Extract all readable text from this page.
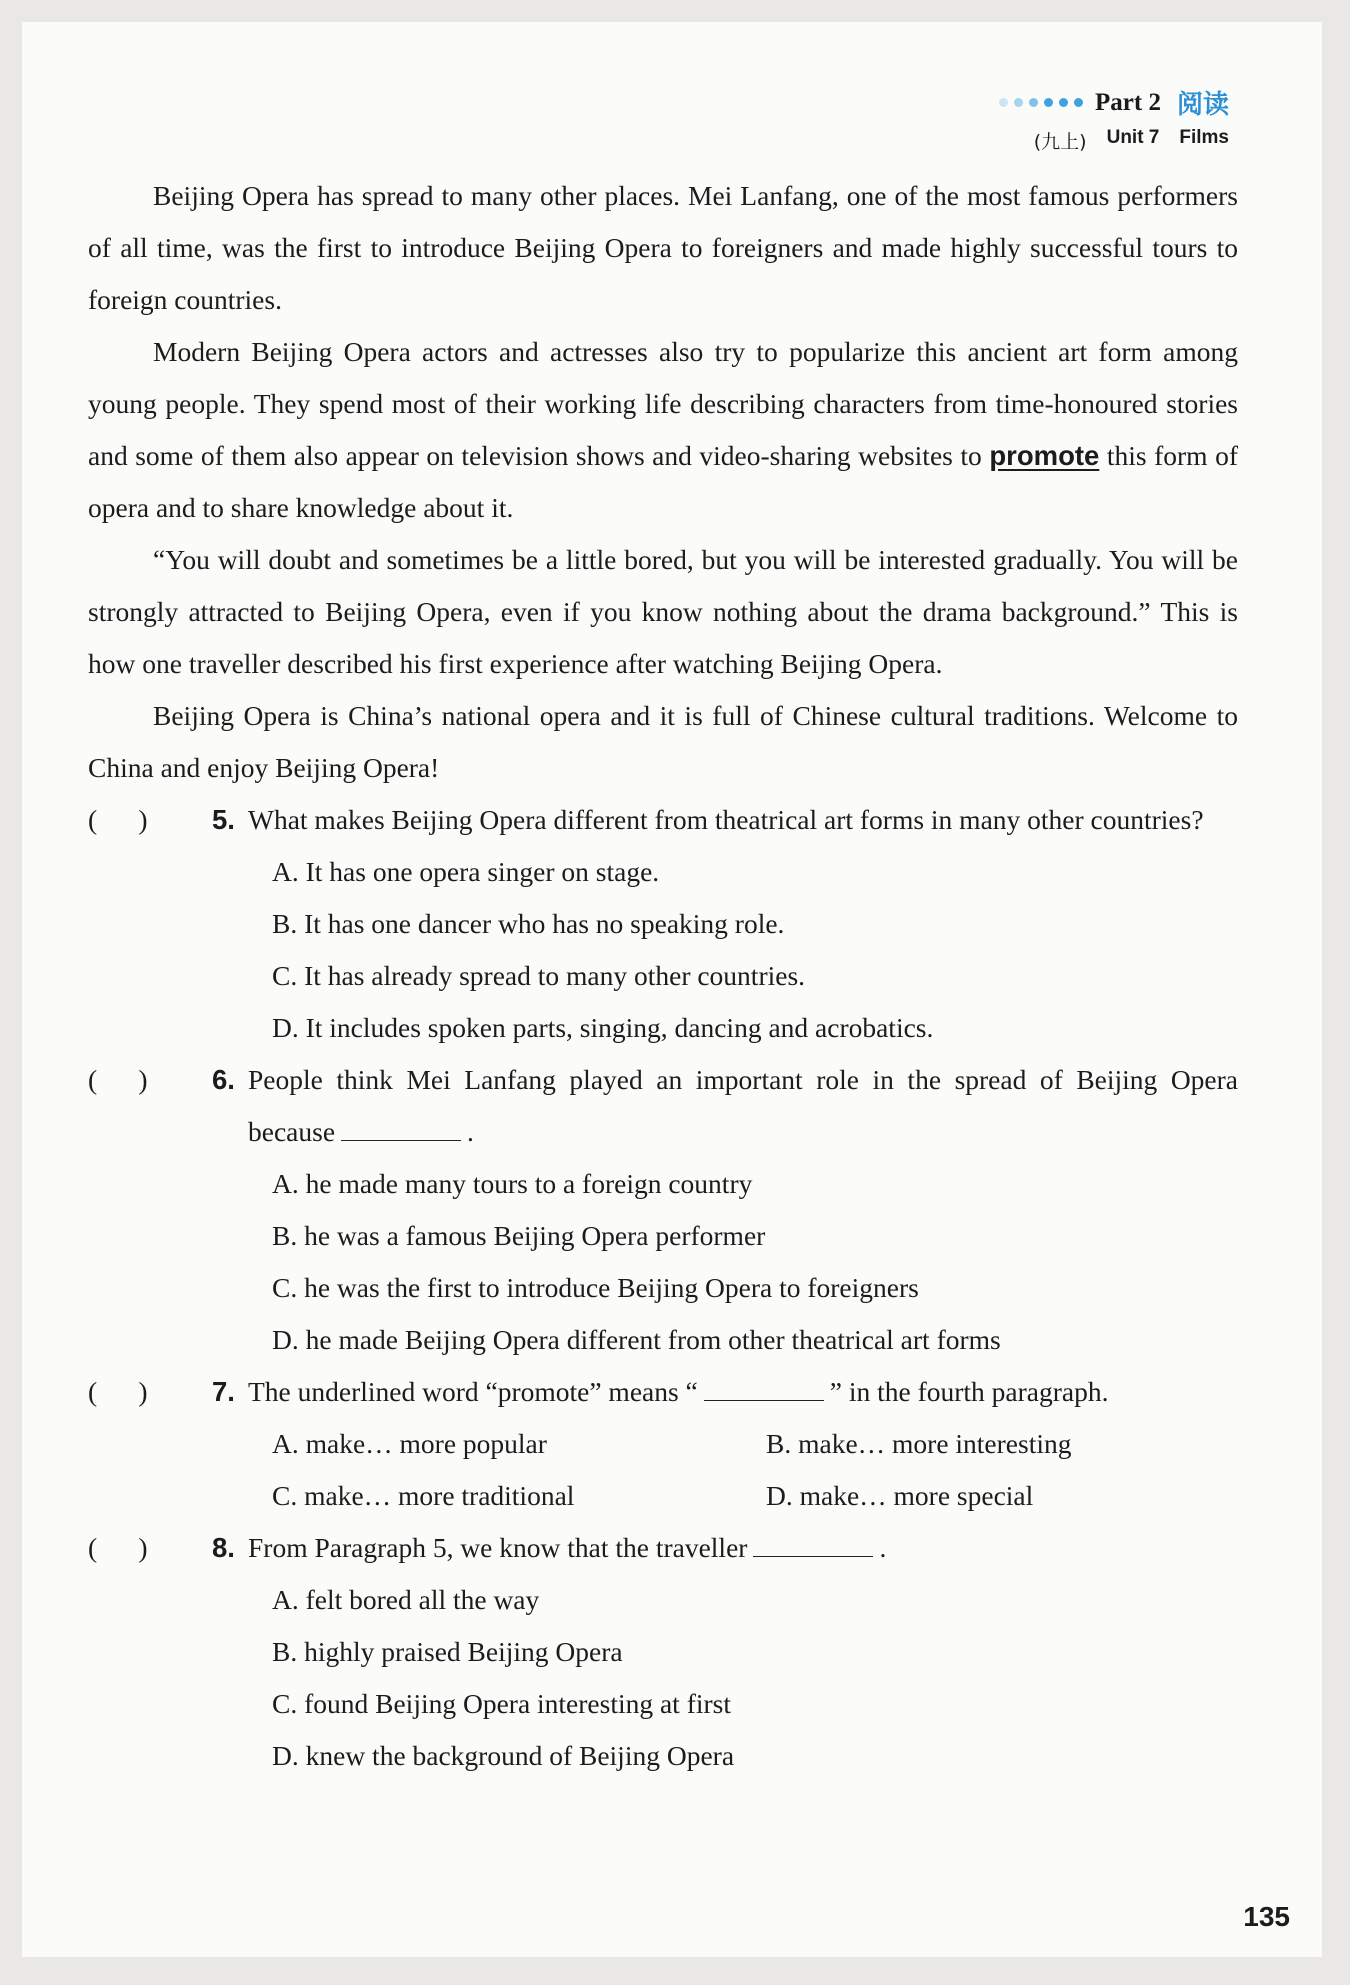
Part 2 阅读
(九上) Unit 7 Films

Beijing Opera has spread to many other places. Mei Lanfang, one of the most famous performers of all time, was the first to introduce Beijing Opera to foreigners and made highly successful tours to foreign countries.

Modern Beijing Opera actors and actresses also try to popularize this ancient art form among young people. They spend most of their working life describing characters from time-honoured stories and some of them also appear on television shows and video-sharing websites to promote this form of opera and to share knowledge about it.

“You will doubt and sometimes be a little bored, but you will be interested gradually. You will be strongly attracted to Beijing Opera, even if you know nothing about the drama background.” This is how one traveller described his first experience after watching Beijing Opera.

Beijing Opera is China’s national opera and it is full of Chinese cultural traditions. Welcome to China and enjoy Beijing Opera!

(      )	5. What makes Beijing Opera different from theatrical art forms in many other countries?
A. It has one opera singer on stage.
B. It has one dancer who has no speaking role.
C. It has already spread to many other countries.
D. It includes spoken parts, singing, dancing and acrobatics.
(      )	6. People think Mei Lanfang played an important role in the spread of Beijing Opera because	.
A. he made many tours to a foreign country
B. he was a famous Beijing Opera performer
C. he was the first to introduce Beijing Opera to foreigners
D. he made Beijing Opera different from other theatrical art forms
(      )	7. The underlined word “promote” means “	” in the fourth paragraph.
A. make… more popular	B. make… more interesting
C. make… more traditional	D. make… more special
(      )	8. From Paragraph 5, we know that the traveller	.
A. felt bored all the way
B. highly praised Beijing Opera
C. found Beijing Opera interesting at first
D. knew the background of Beijing Opera
135
